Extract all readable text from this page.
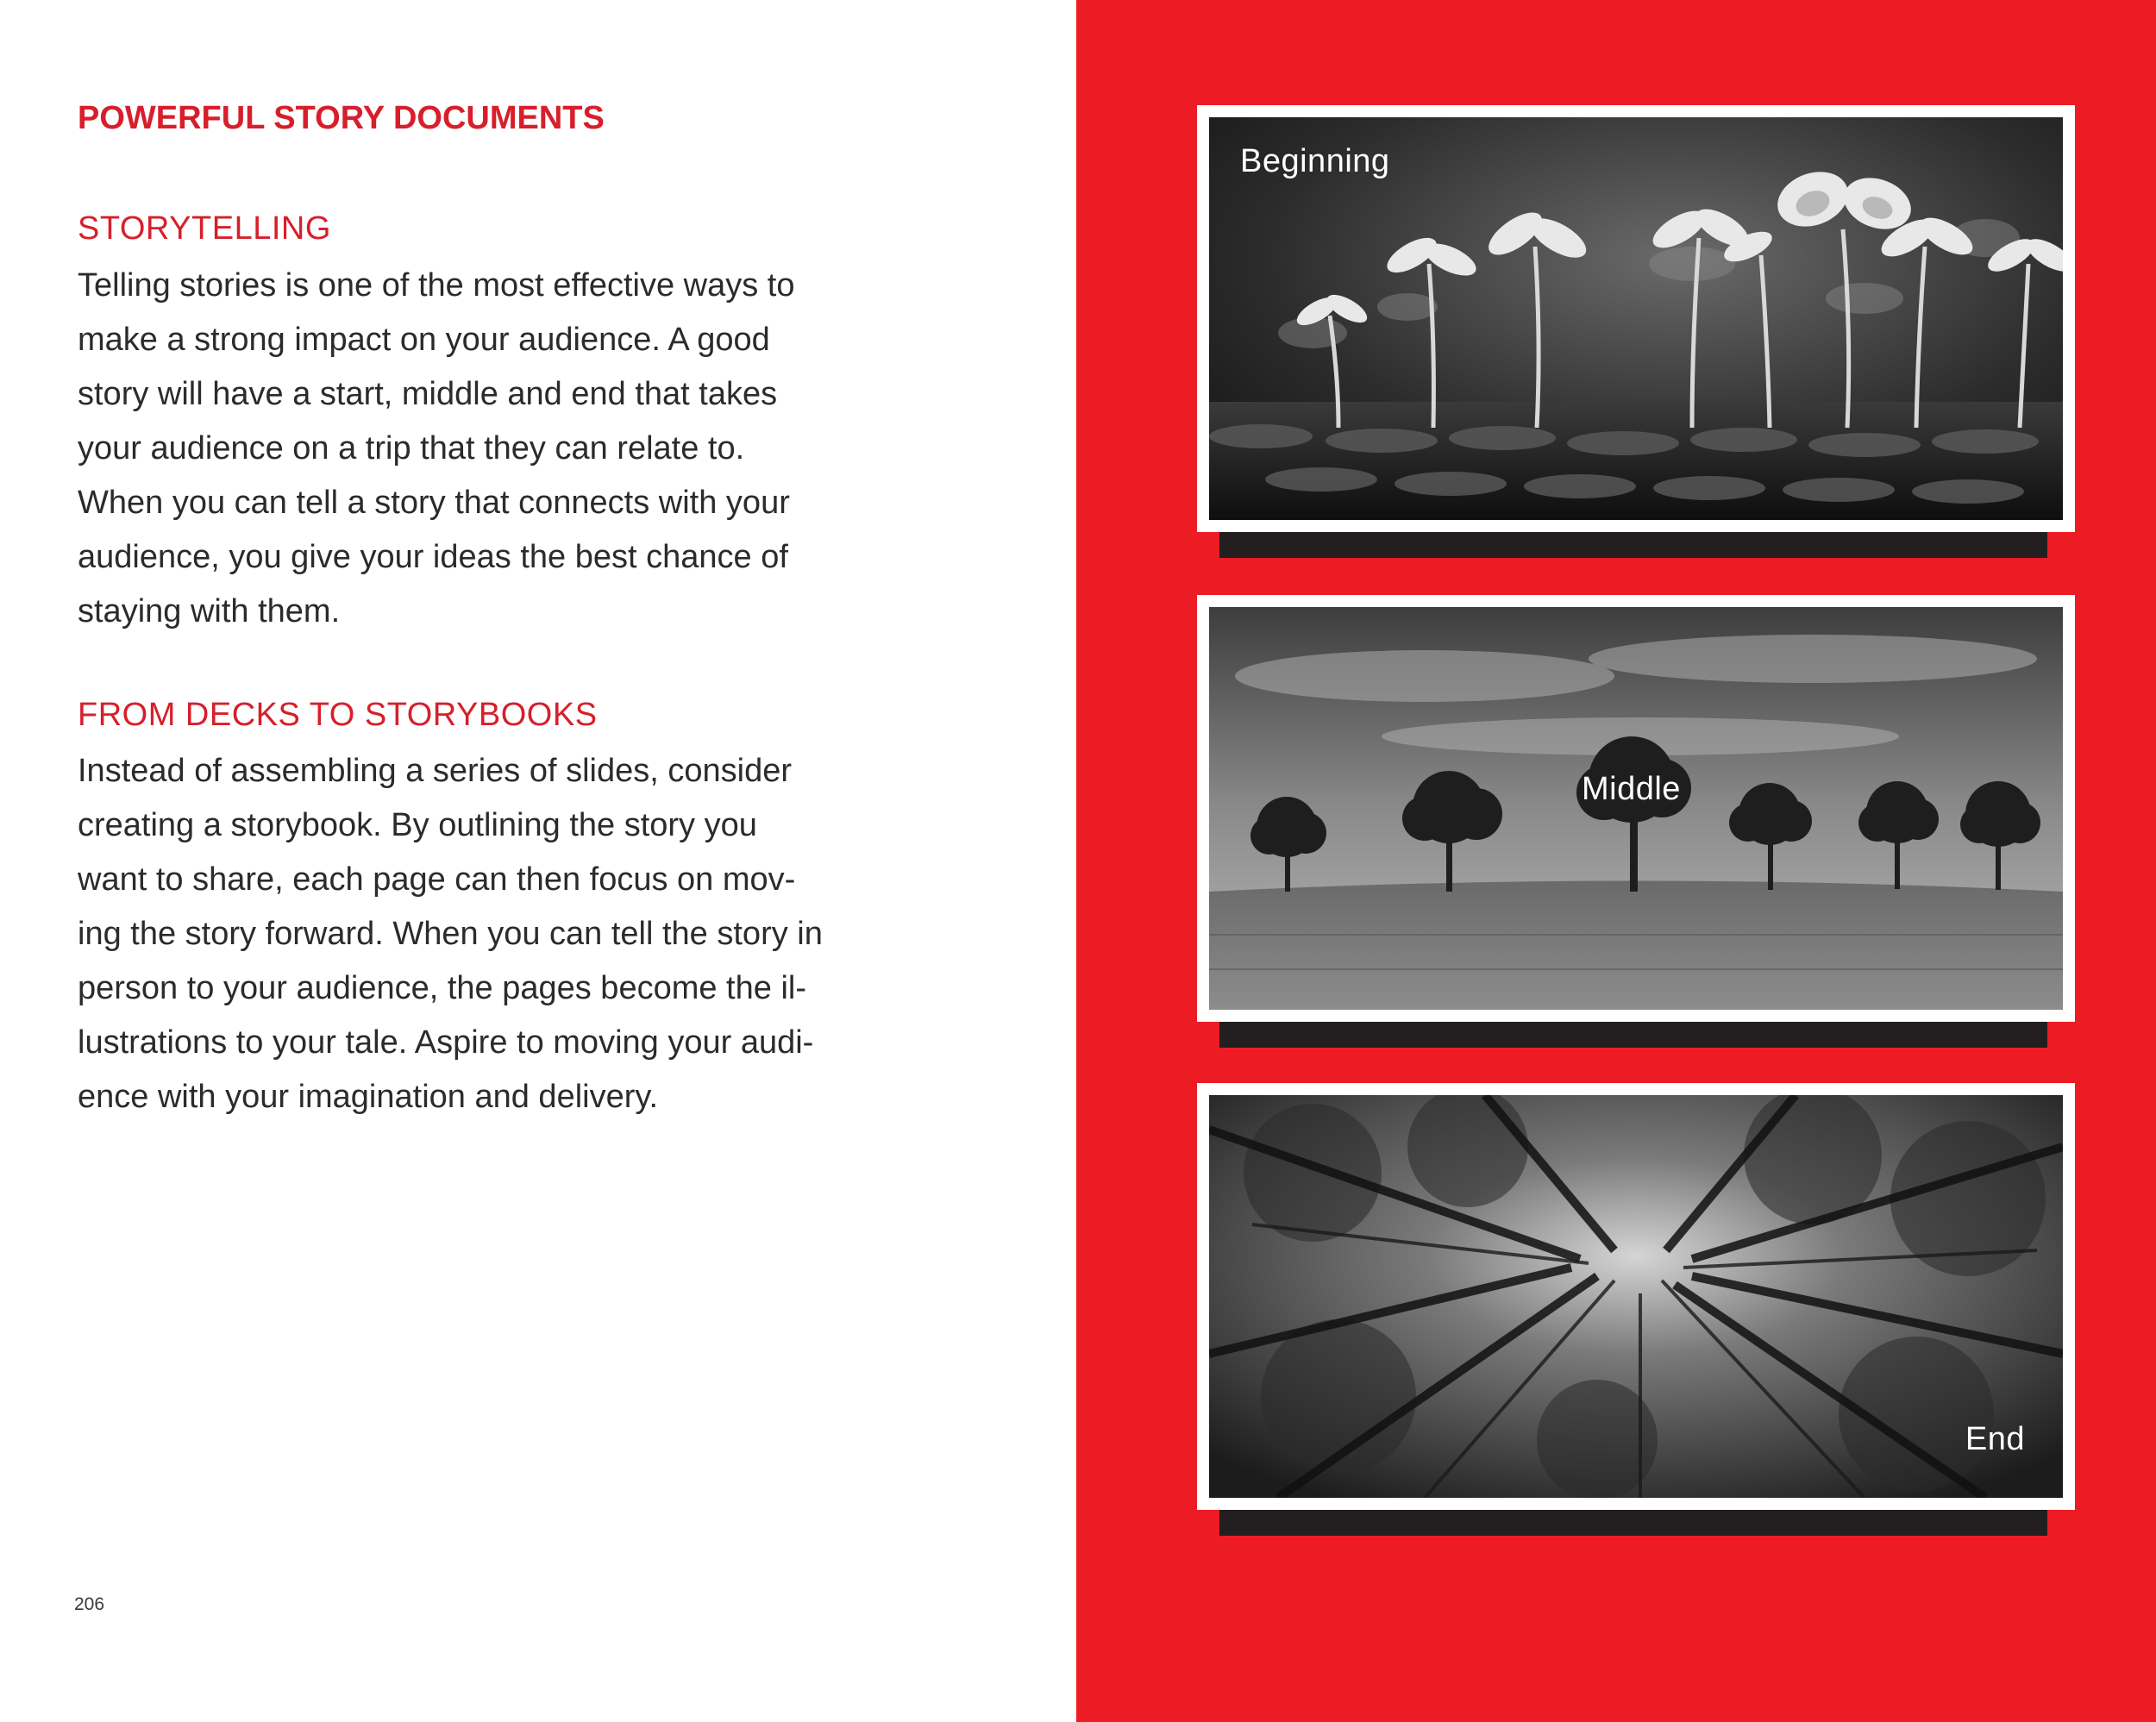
POWERFUL STORY DOCUMENTS
STORYTELLING
Telling stories is one of the most effective ways to
make a strong impact on your audience. A good
story will have a start, middle and end that takes
your audience on a trip that they can relate to.
When you can tell a story that connects with your
audience, you give your ideas the best chance of
staying with them.
FROM DECKS TO STORYBOOKS
Instead of assembling a series of slides, consider
creating a storybook. By outlining the story you
want to share, each page can then focus on mov-
ing the story forward. When you can tell the story in
person to your audience, the pages become the il-
lustrations to your tale. Aspire to moving your audi-
ence with your imagination and delivery.
206
Beginning
Middle
End
